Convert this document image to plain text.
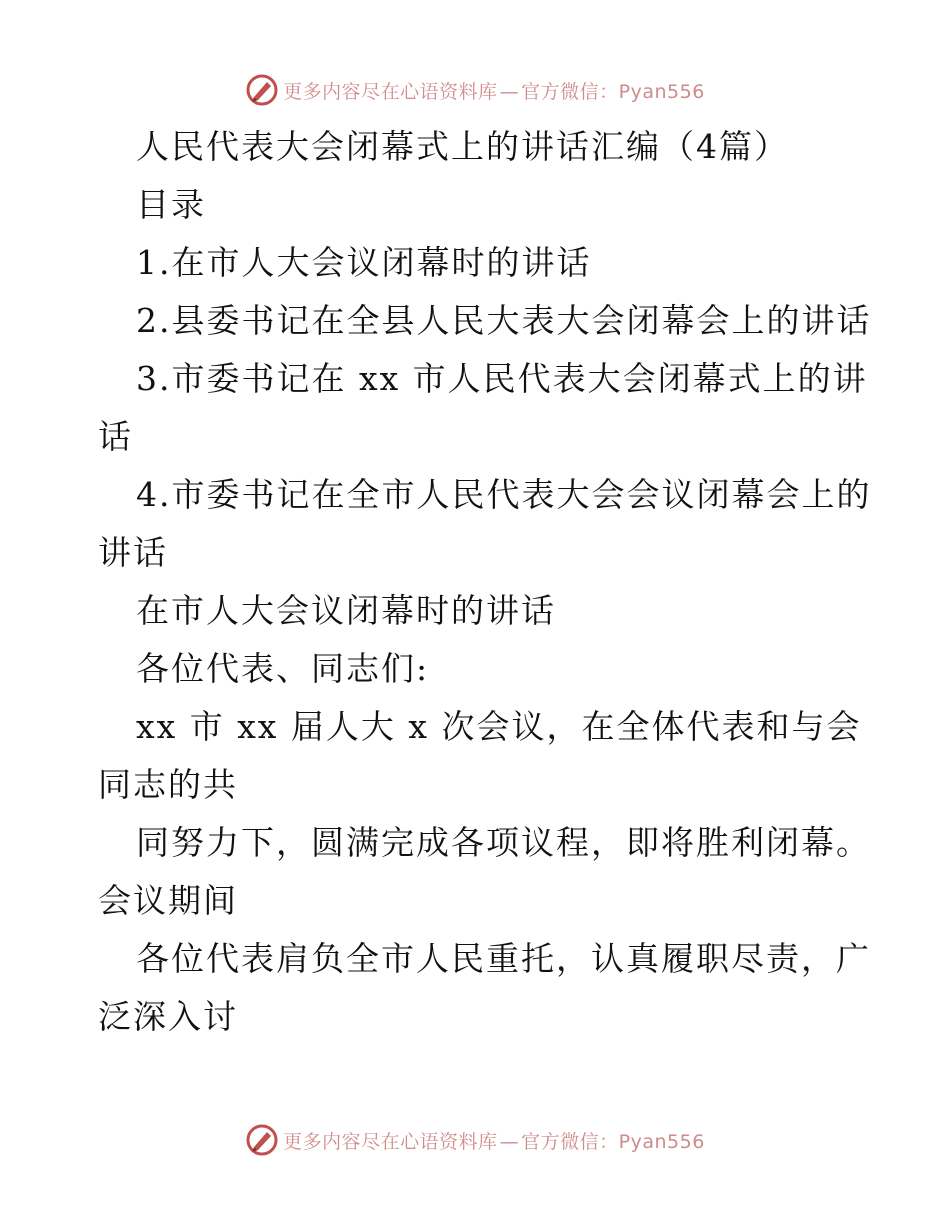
更多内容尽在心语资料库 — 官方微信：Pyan556
人民代表大会闭幕式上的讲话汇编（4篇）
目录
1.在市人大会议闭幕时的讲话
2.县委书记在全县人民大表大会闭幕会上的讲话
3.市委书记在 xx 市人民代表大会闭幕式上的讲
话
4.市委书记在全市人民代表大会会议闭幕会上的
讲话
在市人大会议闭幕时的讲话
各位代表、同志们:
xx 市 xx 届人大 x 次会议，在全体代表和与会
同志的共
同努力下，圆满完成各项议程，即将胜利闭幕。
会议期间
各位代表肩负全市人民重托，认真履职尽责，广
泛深入讨
更多内容尽在心语资料库 — 官方微信：Pyan556
